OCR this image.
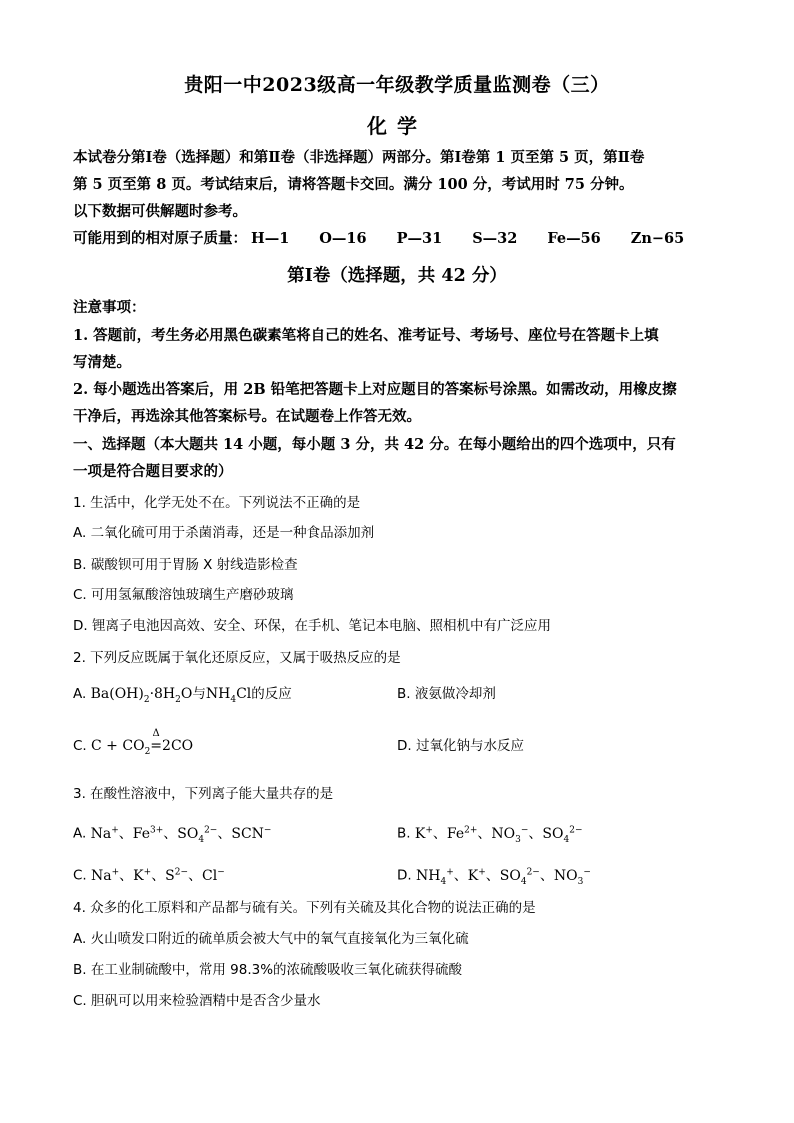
贵阳一中2023级高一年级教学质量监测卷（三）
化学
本试卷分第Ⅰ卷（选择题）和第Ⅱ卷（非选择题）两部分。第Ⅰ卷第 1 页至第 5 页，第Ⅱ卷
第 5 页至第 8 页。考试结束后，请将答题卡交回。满分 100 分，考试用时 75 分钟。
以下数据可供解题时参考。
可能用到的相对原子质量： H—1 O—16 P—31 S—32 Fe—56 Zn−65
第Ⅰ卷（选择题，共 42 分）
注意事项：
1. 答题前，考生务必用黑色碳素笔将自己的姓名、准考证号、考场号、座位号在答题卡上填
写清楚。
2. 每小题选出答案后，用 2B 铅笔把答题卡上对应题目的答案标号涂黑。如需改动，用橡皮擦
干净后，再选涂其他答案标号。在试题卷上作答无效。
一、选择题（本大题共 14 小题，每小题 3 分，共 42 分。在每小题给出的四个选项中，只有
一项是符合题目要求的）
1. 生活中，化学无处不在。下列说法不正确的是
A. 二氧化硫可用于杀菌消毒，还是一种食品添加剂
B. 碳酸钡可用于胃肠 X 射线造影检查
C. 可用氢氟酸溶蚀玻璃生产磨砂玻璃
D. 锂离子电池因高效、安全、环保，在手机、笔记本电脑、照相机中有广泛应用
2. 下列反应既属于氧化还原反应，又属于吸热反应的是
A. $Ba(OH)_2\cdot 8H_2O$与$NH_4Cl$的反应	B. 液氨做冷却剂
C. $C + CO_2$
Δ
=2CO	D. 过氧化钠与水反应
3. 在酸性溶液中，下列离子能大量共存的是
A. Na+、$Fe^{3+}$、$SO_4^{2-}$、SCN−	B. K+、$Fe^{2+}$、$NO_3^-$、$SO_4^{2-}$
C. Na+、K+、$S^{2-}$、Cl−	D. $NH_4^+$、K+、$SO_4^{2-}$、$NO_3^-$
4. 众多的化工原料和产品都与硫有关。下列有关硫及其化合物的说法正确的是
A. 火山喷发口附近的硫单质会被大气中的氧气直接氧化为三氧化硫
B. 在工业制硫酸中，常用 98.3%的浓硫酸吸收三氧化硫获得硫酸
C. 胆矾可以用来检验酒精中是否含少量水
